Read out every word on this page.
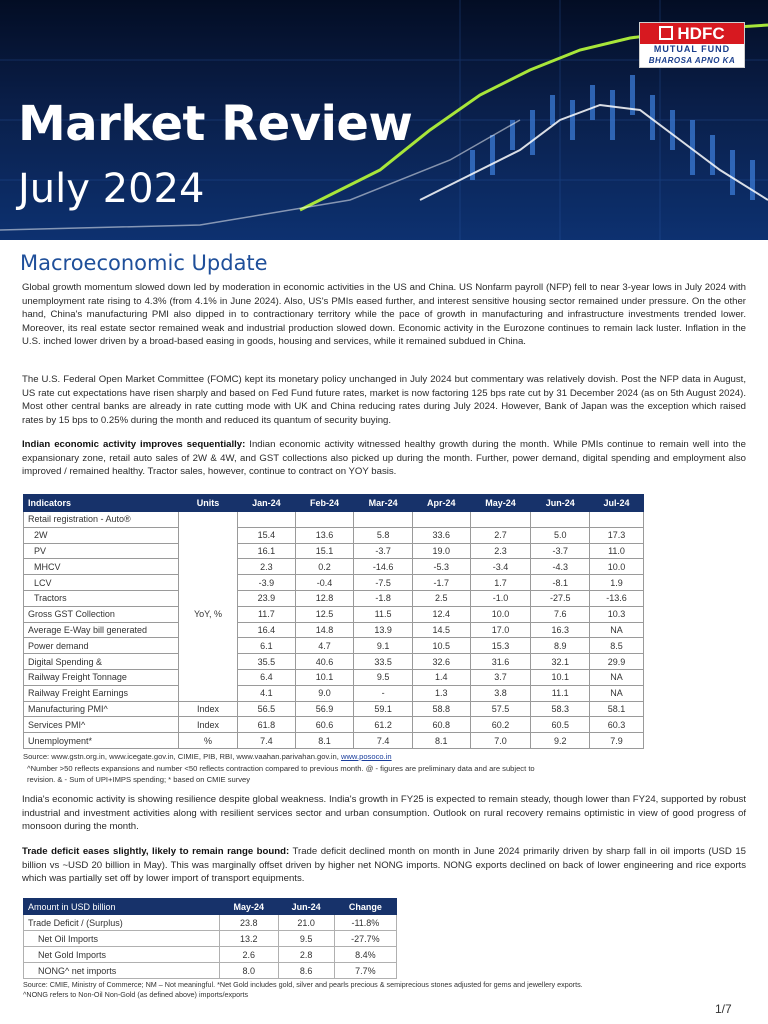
Market Review
July 2024
HDFC
MUTUAL FUND
BHAROSA APNO KA
Macroeconomic Update

Global growth momentum slowed down led by moderation in economic activities in the US and China. US Nonfarm payroll (NFP) fell to near 3-year lows in July 2024 with unemployment rate rising to 4.3% (from 4.1% in June 2024). Also, US's PMIs eased further, and interest sensitive housing sector remained under pressure. On the other hand, China's manufacturing PMI also dipped in to contractionary territory while the pace of growth in manufacturing and infrastructure investments trended lower. Moreover, its real estate sector remained weak and industrial production slowed down. Economic activity in the Eurozone continues to remain lack luster. Inflation in the U.S. inched lower driven by a broad-based easing in goods, housing and services, while it remained subdued in China.

The U.S. Federal Open Market Committee (FOMC) kept its monetary policy unchanged in July 2024 but commentary was relatively dovish. Post the NFP data in August, US rate cut expectations have risen sharply and based on Fed Fund future rates, market is now factoring 125 bps rate cut by 31 December 2024 (as on 5th August 2024). Most other central banks are already in rate cutting mode with UK and China reducing rates during July 2024. However, Bank of Japan was the exception which raised rates by 15 bps to 0.25% during the month and reduced its quantum of security buying.

Indian economic activity improves sequentially: Indian economic activity witnessed healthy growth during the month. While PMIs continue to remain well into the expansionary zone, retail auto sales of 2W & 4W, and GST collections also picked up during the month. Further, power demand, digital spending and employment also improved / remained healthy. Tractor sales, however, continue to contract on YOY basis.

Indicators	Units	Jan-24	Feb-24	Mar-24	Apr-24	May-24	Jun-24	Jul-24
Retail registration - Auto®								
2W	YoY, %	15.4	13.6	5.8	33.6	2.7	5.0	17.3
PV		16.1	15.1	-3.7	19.0	2.3	-3.7	11.0
MHCV		2.3	0.2	-14.6	-5.3	-3.4	-4.3	10.0
LCV		-3.9	-0.4	-7.5	-1.7	1.7	-8.1	1.9
Tractors		23.9	12.8	-1.8	2.5	-1.0	-27.5	-13.6
Gross GST Collection		11.7	12.5	11.5	12.4	10.0	7.6	10.3
Average E-Way bill generated		16.4	14.8	13.9	14.5	17.0	16.3	NA
Power demand		6.1	4.7	9.1	10.5	15.3	8.9	8.5
Digital Spending &		35.5	40.6	33.5	32.6	31.6	32.1	29.9
Railway Freight Tonnage		6.4	10.1	9.5	1.4	3.7	10.1	NA
Railway Freight Earnings		4.1	9.0	-	1.3	3.8	11.1	NA
Manufacturing PMI^	Index	56.5	56.9	59.1	58.8	57.5	58.3	58.1
Services PMI^	Index	61.8	60.6	61.2	60.8	60.2	60.5	60.3
Unemployment*	%	7.4	8.1	7.4	8.1	7.0	9.2	7.9
Source: www.gstn.org.in, www.icegate.gov.in, CIMIE, PIB, RBI, www.vaahan.parivahan.gov.in, www.posoco.in
^Number >50 reflects expansions and number <50 reflects contraction compared to previous month. @ - figures are preliminary data and are subject to
revision. & - Sum of UPI+IMPS spending; * based on CMIE survey

India's economic activity is showing resilience despite global weakness. India's growth in FY25 is expected to remain steady, though lower than FY24, supported by robust industrial and investment activities along with resilient services sector and urban consumption. Outlook on rural recovery remains optimistic in view of good progress of monsoon during the month.

Trade deficit eases slightly, likely to remain range bound: Trade deficit declined month on month in June 2024 primarily driven by sharp fall in oil imports (USD 15 billion vs ~USD 20 billion in May). This was marginally offset driven by higher net NONG imports. NONG exports declined on back of lower engineering and rice exports which was partially set off by lower import of transport equipments.

Amount in USD billion	May-24	Jun-24	Change
Trade Deficit / (Surplus)	23.8	21.0	-11.8%
Net Oil Imports	13.2	9.5	-27.7%
Net Gold Imports	2.6	2.8	8.4%
NONG^ net imports	8.0	8.6	7.7%
Source: CMIE, Ministry of Commerce; NM – Not meaningful. *Net Gold includes gold, silver and pearls precious & semiprecious stones adjusted for gems and jewellery exports.
^NONG refers to Non-Oil Non-Gold (as defined above) imports/exports
1/7
